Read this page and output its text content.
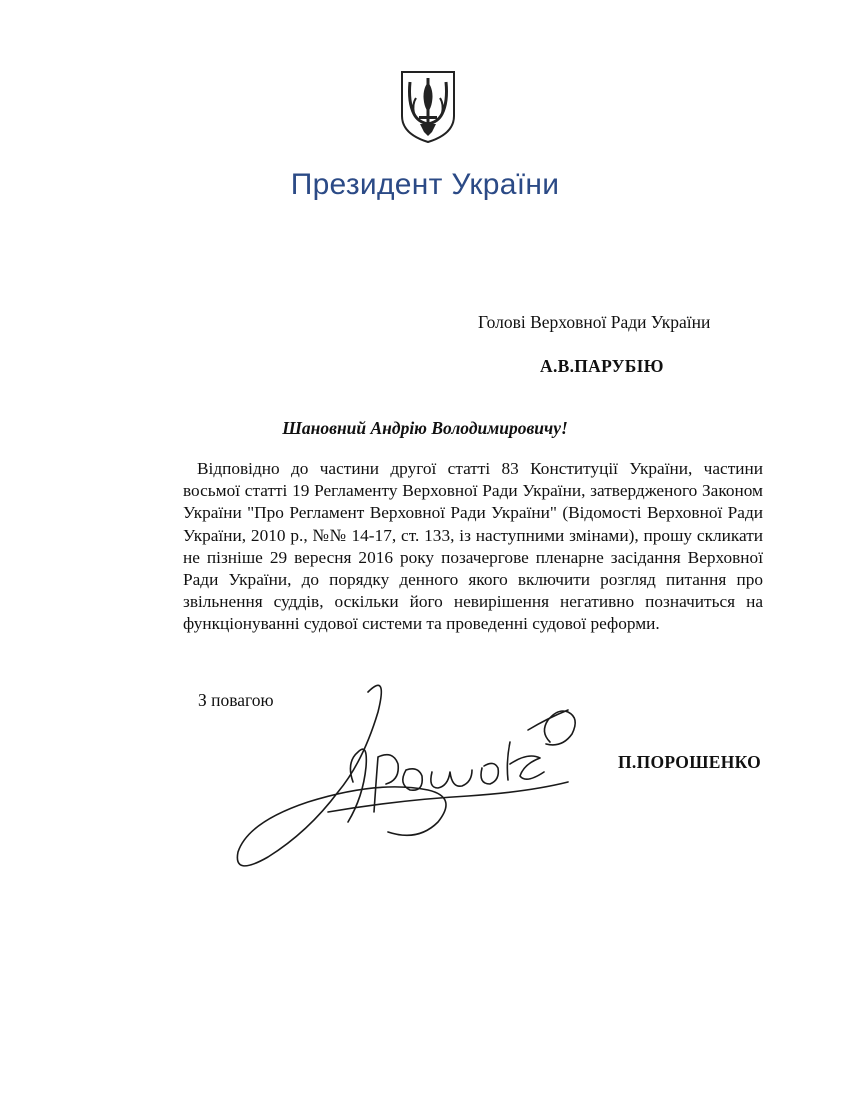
Президент України
Голові Верховної Ради України
А.В.ПАРУБІЮ
Шановний Андрію Володимировичу!
Відповідно до частини другої статті 83 Конституції України, частини восьмої статті 19 Регламенту Верховної Ради України, затвердженого Законом України "Про Регламент Верховної Ради України" (Відомості Верховної Ради України, 2010 р., №№ 14-17, ст. 133, із наступними змінами), прошу скликати не пізніше 29 вересня 2016 року позачергове пленарне засідання Верховної Ради України, до порядку денного якого включити розгляд питання про звільнення суддів, оскільки його невирішення негативно позначиться на функціонуванні судової системи та проведенні судової реформи.
З повагою
П.ПОРОШЕНКО
